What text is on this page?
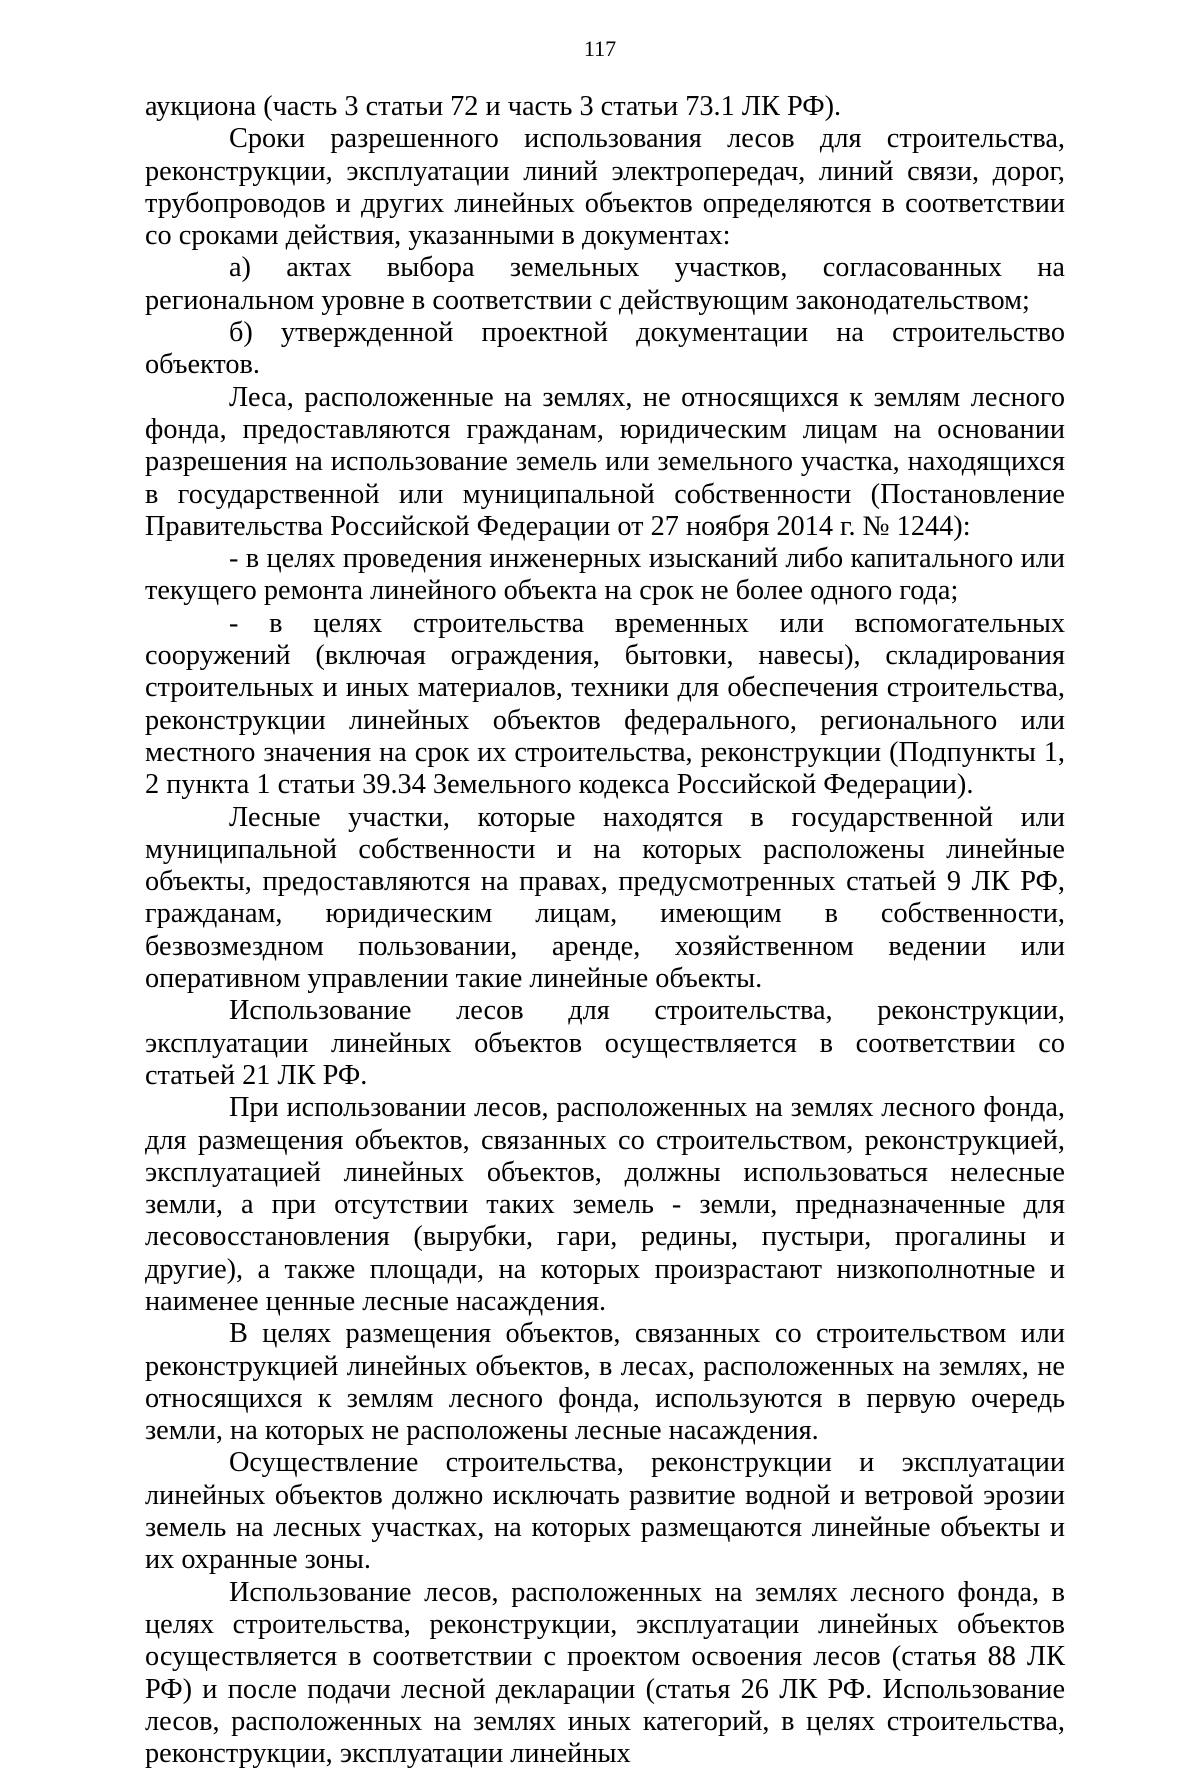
117

аукциона (часть 3 статьи 72 и часть 3 статьи 73.1 ЛК РФ).

Сроки разрешенного использования лесов для строительства, реконструкции, эксплуатации линий электропередач, линий связи, дорог, трубопроводов и других линейных объектов определяются в соответствии со сроками действия, указанными в документах:

а) актах выбора земельных участков, согласованных на региональном уровне в соответствии с действующим законодательством;

б) утвержденной проектной документации на строительство объектов.

Леса, расположенные на землях, не относящихся к землям лесного фонда, предоставляются гражданам, юридическим лицам на основании разрешения на использование земель или земельного участка, находящихся в государственной или муниципальной собственности (Постановление Правительства Российской Федерации от 27 ноября 2014 г. № 1244):

- в целях проведения инженерных изысканий либо капитального или текущего ремонта линейного объекта на срок не более одного года;

- в целях строительства временных или вспомогательных сооружений (включая ограждения, бытовки, навесы), складирования строительных и иных материалов, техники для обеспечения строительства, реконструкции линейных объектов федерального, регионального или местного значения на срок их строительства, реконструкции (Подпункты 1, 2 пункта 1 статьи 39.34 Земельного кодекса Российской Федерации).

Лесные участки, которые находятся в государственной или муниципальной собственности и на которых расположены линейные объекты, предоставляются на правах, предусмотренных статьей 9 ЛК РФ, гражданам, юридическим лицам, имеющим в собственности, безвозмездном пользовании, аренде, хозяйственном ведении или оперативном управлении такие линейные объекты.

Использование лесов для строительства, реконструкции, эксплуатации линейных объектов осуществляется в соответствии со статьей 21 ЛК РФ.

При использовании лесов, расположенных на землях лесного фонда, для размещения объектов, связанных со строительством, реконструкцией, эксплуатацией линейных объектов, должны использоваться нелесные земли, а при отсутствии таких земель - земли, предназначенные для лесовосстановления (вырубки, гари, редины, пустыри, прогалины и другие), а также площади, на которых произрастают низкополнотные и наименее ценные лесные насаждения.

В целях размещения объектов, связанных со строительством или реконструкцией линейных объектов, в лесах, расположенных на землях, не относящихся к землям лесного фонда, используются в первую очередь земли, на которых не расположены лесные насаждения.

Осуществление строительства, реконструкции и эксплуатации линейных объектов должно исключать развитие водной и ветровой эрозии земель на лесных участках, на которых размещаются линейные объекты и их охранные зоны.

Использование лесов, расположенных на землях лесного фонда, в целях строительства, реконструкции, эксплуатации линейных объектов осуществляется в соответствии с проектом освоения лесов (статья 88 ЛК РФ) и после подачи лесной декларации (статья 26 ЛК РФ. Использование лесов, расположенных на землях иных категорий, в целях строительства, реконструкции, эксплуатации линейных
